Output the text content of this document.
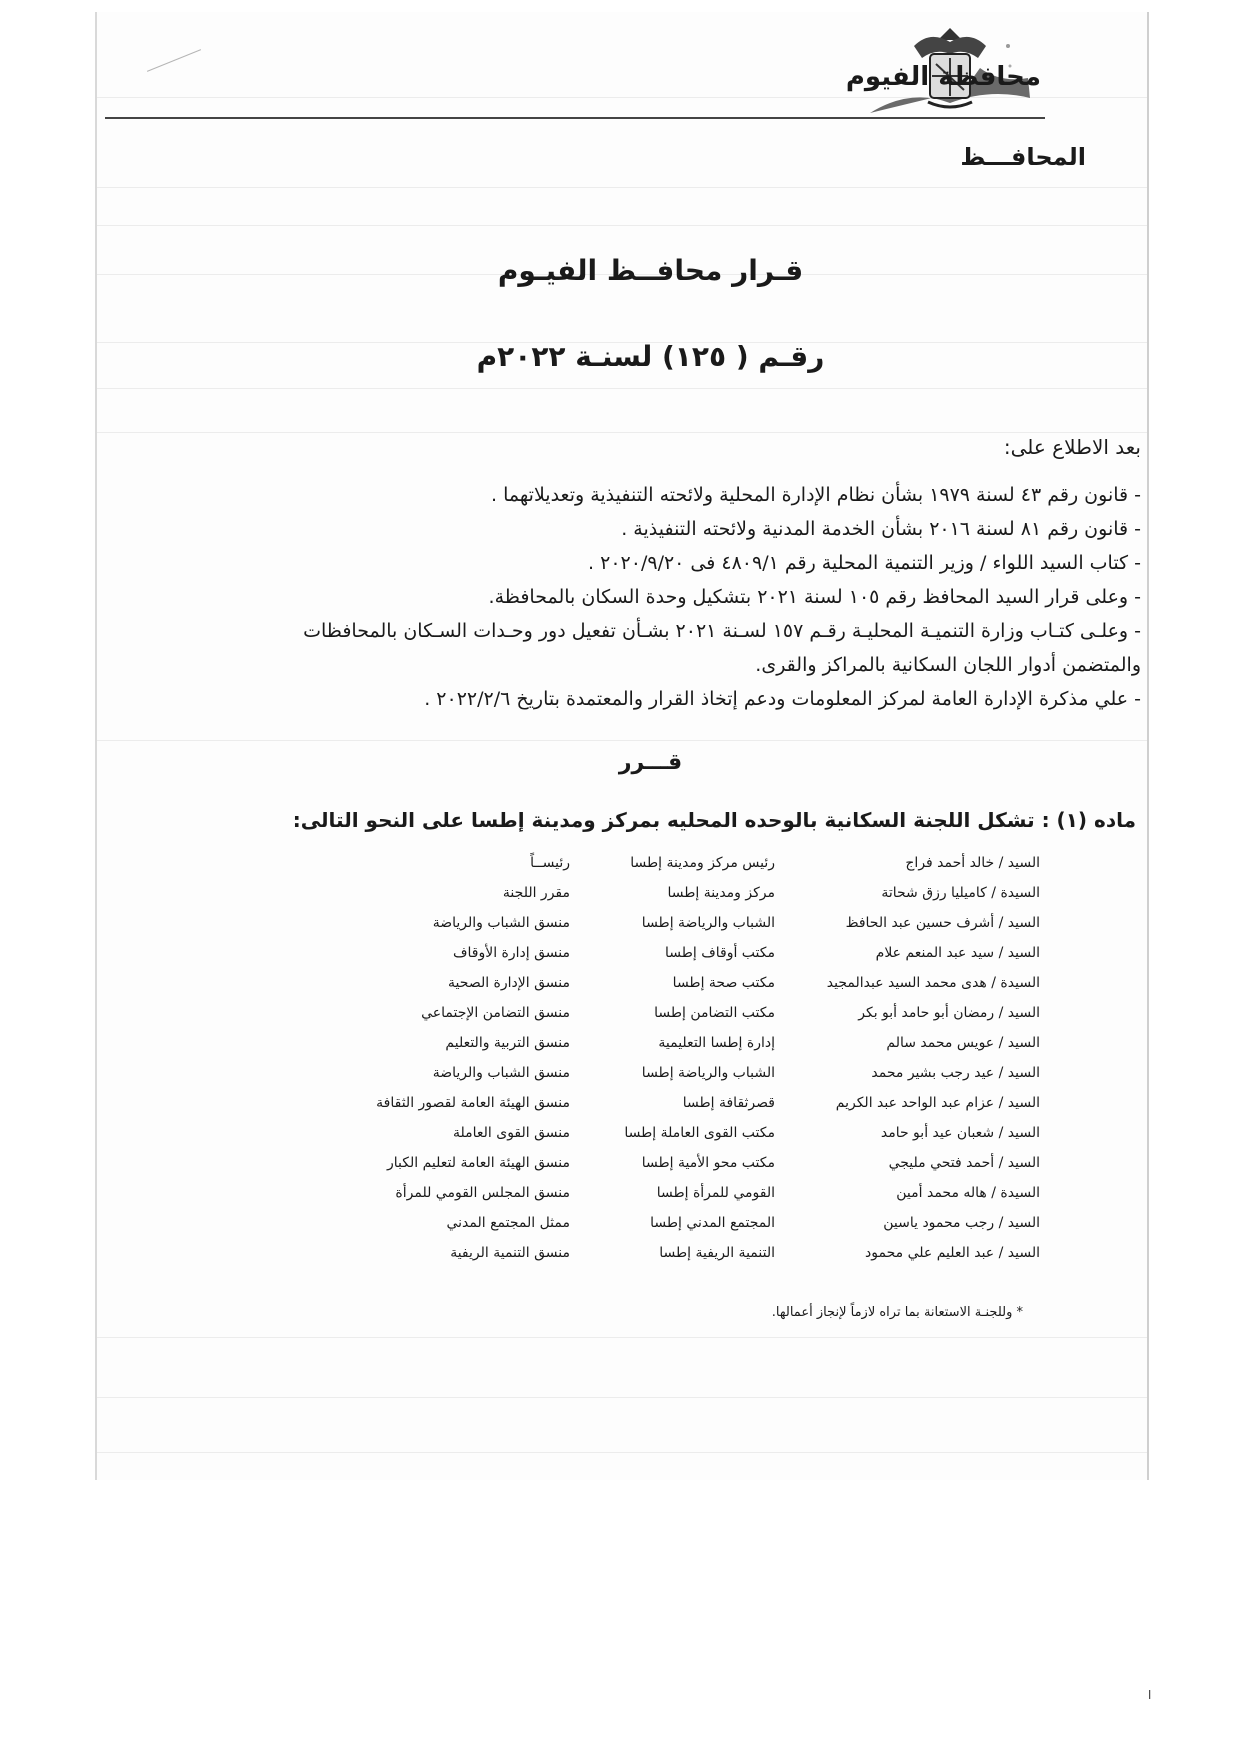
محافظة الفيوم
المحافـــظ
قـرار محافــظ الفيـوم
رقـم ( ١٢٥) لسنـة ٢٠٢٢م
بعد الاطلاع على:
- قانون رقم ٤٣ لسنة ١٩٧٩ بشأن نظام الإدارة المحلية ولائحته التنفيذية وتعديلاتهما .
- قانون رقم ٨١ لسنة ٢٠١٦ بشأن الخدمة المدنية ولائحته التنفيذية .
- كتاب السيد اللواء / وزير التنمية المحلية رقم ٤٨٠٩/١ فى ٢٠٢٠/٩/٢٠ .
- وعلى قرار السيد المحافظ رقم ١٠٥ لسنة ٢٠٢١ بتشكيل وحدة السكان بالمحافظة.
- وعلـى كتـاب وزارة التنميـة المحليـة رقـم ١٥٧ لسـنة ٢٠٢١ بشـأن تفعيل دور وحـدات السـكان بالمحافظات والمتضمن أدوار اللجان السكانية بالمراكز والقرى.
- علي مذكرة الإدارة العامة لمركز المعلومات ودعم إتخاذ القرار والمعتمدة بتاريخ ٢٠٢٢/٢/٦ .
قـــرر
ماده (١) : تشكل اللجنة السكانية بالوحده المحليه بمركز ومدينة إطسا على النحو التالى:
السيد / خالد أحمد فراج
رئيس مركز ومدينة إطسا
رئيســاً
السيدة / كاميليا رزق شحاتة
مركز ومدينة إطسا
مقرر اللجنة
السيد / أشرف حسين عبد الحافظ
الشباب والرياضة إطسا
منسق الشباب والرياضة
السيد / سيد عبد المنعم علام
مكتب أوقاف إطسا
منسق إدارة الأوقاف
السيدة / هدى محمد السيد عبدالمجيد
مكتب صحة إطسا
منسق الإدارة الصحية
السيد / رمضان أبو حامد أبو بكر
مكتب التضامن إطسا
منسق التضامن الإجتماعي
السيد / عويس محمد سالم
إدارة إطسا التعليمية
منسق التربية والتعليم
السيد / عيد رجب بشير محمد
الشباب والرياضة إطسا
منسق الشباب والرياضة
السيد / عزام عبد الواحد عبد الكريم
قصرثقافة إطسا
منسق الهيئة العامة لقصور الثقافة
السيد / شعبان عيد أبو حامد
مكتب القوى العاملة إطسا
منسق القوى العاملة
السيد / أحمد فتحي مليجي
مكتب محو الأمية إطسا
منسق الهيئة العامة لتعليم الكبار
السيدة / هاله محمد أمين
القومي للمرأة إطسا
منسق المجلس القومي للمرأة
السيد / رجب محمود ياسين
المجتمع المدني إطسا
ممثل المجتمع المدني
السيد / عبد العليم علي محمود
التنمية الريفية إطسا
منسق التنمية الريفية
* وللجنـة الاستعانة بما تراه لازماً لإنجاز أعمالها.
ا
